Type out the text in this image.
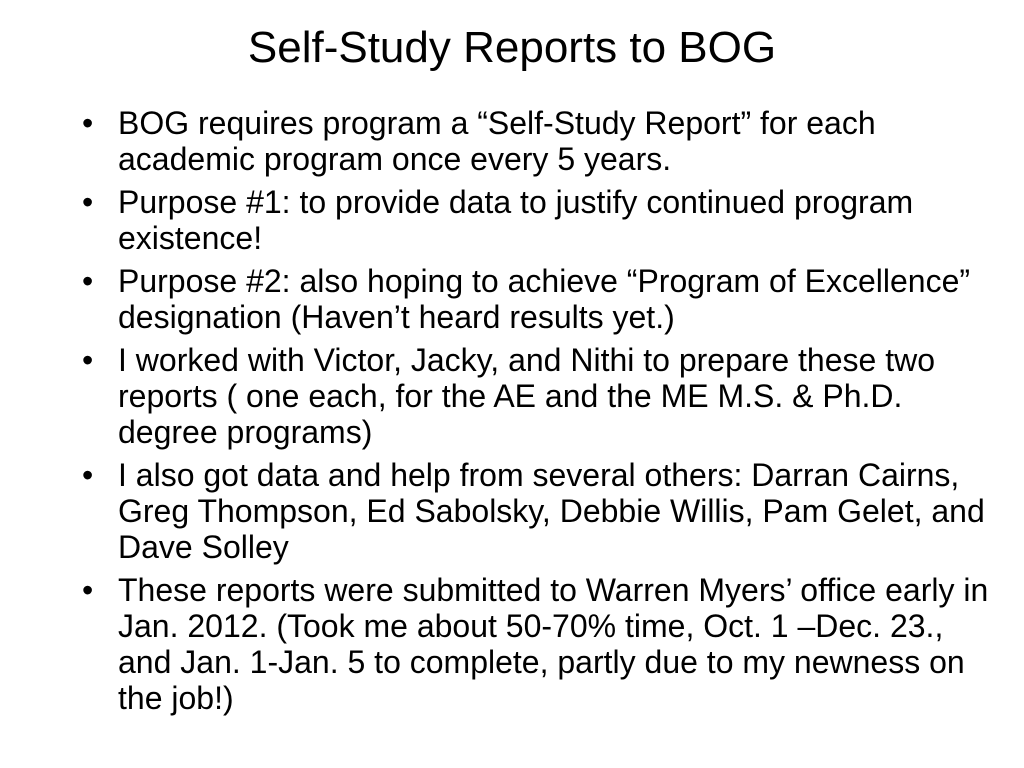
Self-Study Reports to BOG
• BOG requires program a “Self-Study Report” for each academic program once every 5 years.
• Purpose #1: to provide data to justify continued program existence!
• Purpose #2: also hoping to achieve “Program of Excellence” designation (Haven’t heard results yet.)
• I worked with Victor, Jacky, and Nithi to prepare these two reports ( one each, for the AE and the ME M.S. & Ph.D. degree programs)
• I also got data and help from several others: Darran Cairns, Greg Thompson, Ed Sabolsky, Debbie Willis, Pam Gelet, and Dave Solley
• These reports were submitted to Warren Myers’ office early in Jan. 2012. (Took me about 50-70% time, Oct. 1 –Dec. 23., and Jan. 1-Jan. 5 to complete, partly due to my newness on the job!)
